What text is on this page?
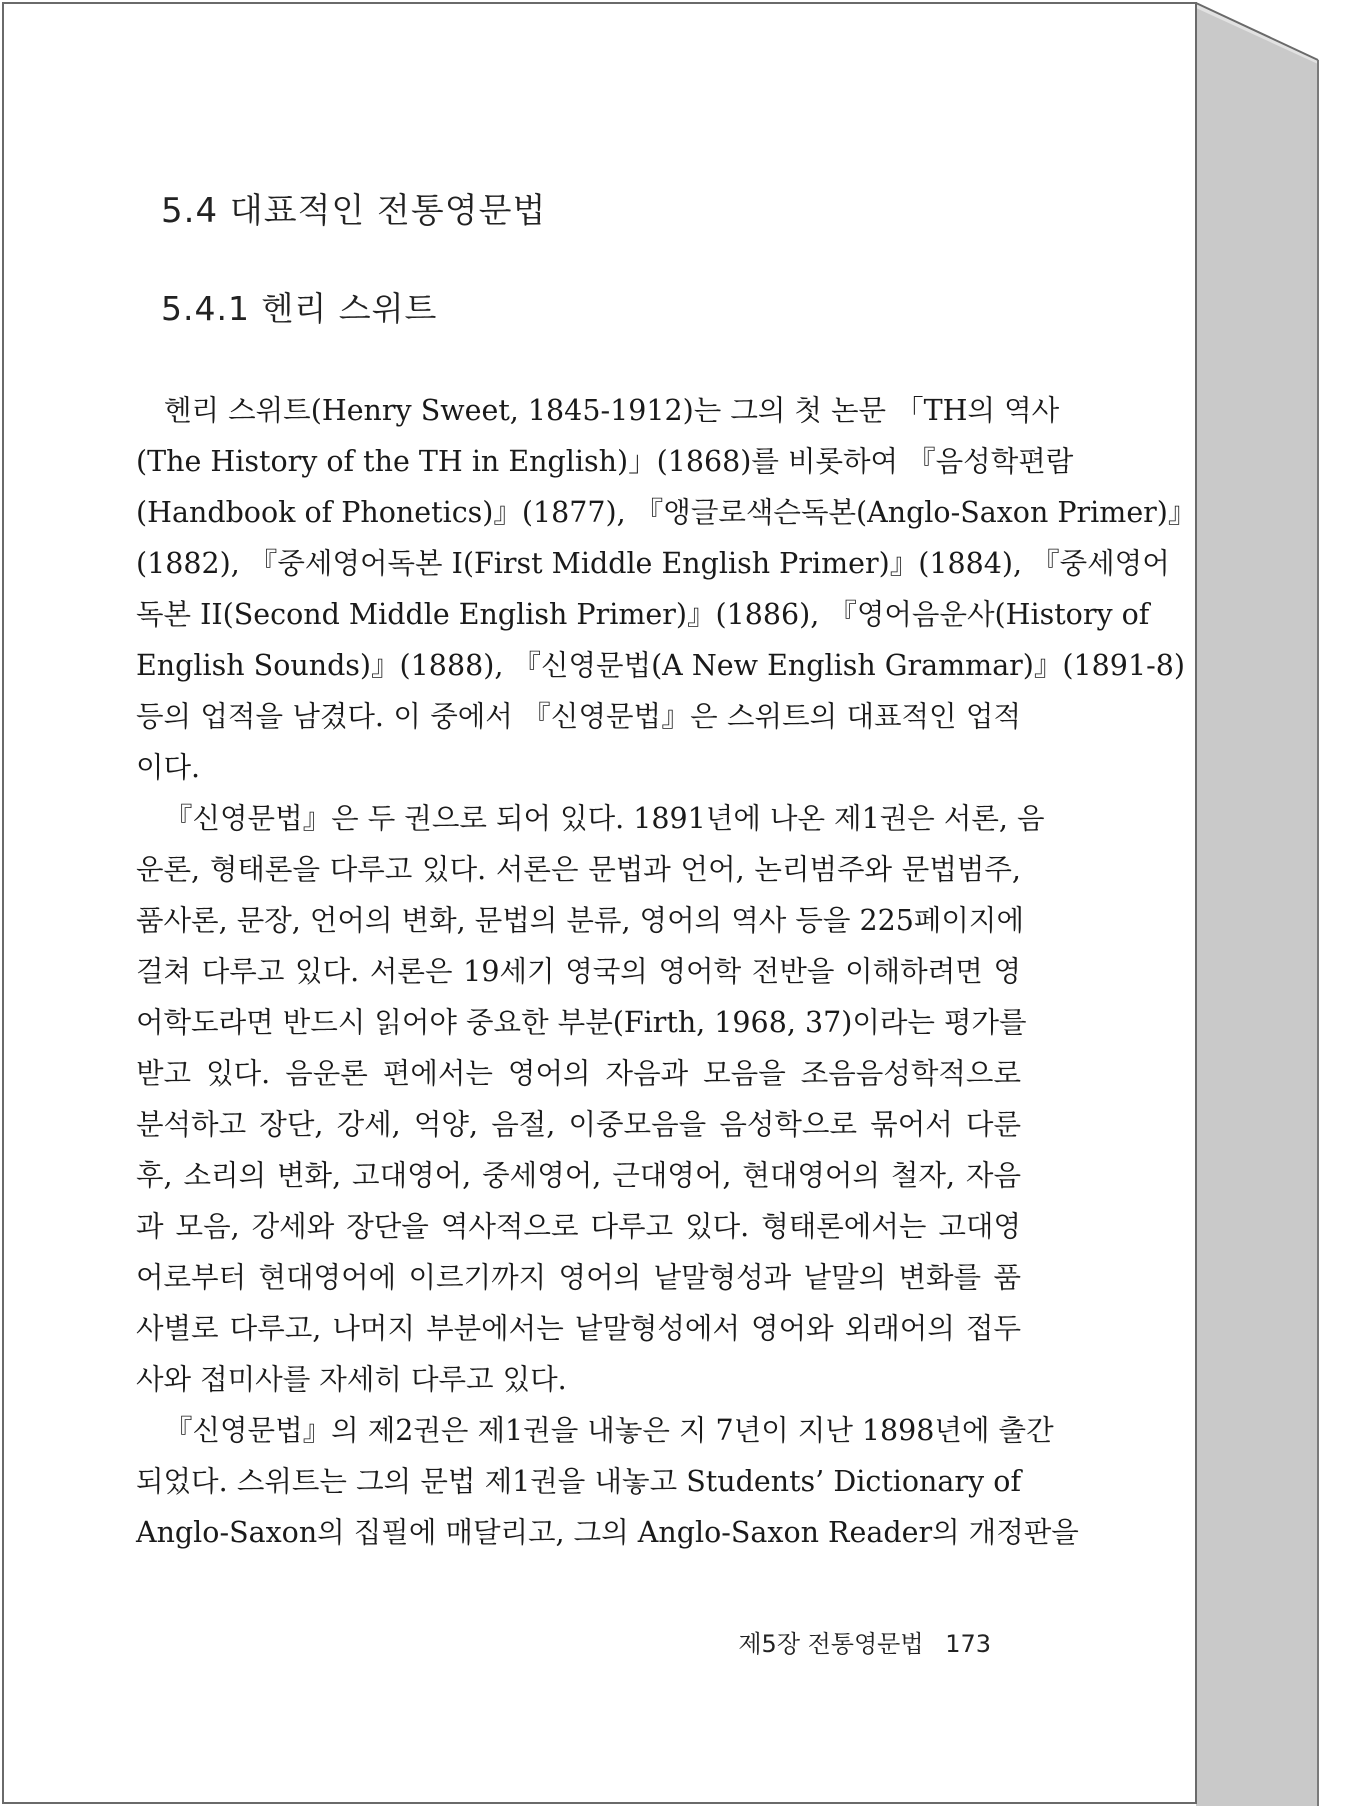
5.4 대표적인 전통영문법
5.4.1 헨리 스위트
헨리 스위트(Henry Sweet, 1845-1912)는 그의 첫 논문 「TH의 역사
(The History of the TH in English)」(1868)를 비롯하여 『음성학편람
(Handbook of Phonetics)』(1877), 『앵글로색슨독본(Anglo-Saxon Primer)』
(1882), 『중세영어독본 I(First Middle English Primer)』(1884), 『중세영어
독본 II(Second Middle English Primer)』(1886), 『영어음운사(History of
English Sounds)』(1888), 『신영문법(A New English Grammar)』(1891-8)
등의 업적을 남겼다. 이 중에서 『신영문법』은 스위트의 대표적인 업적
이다.
『신영문법』은 두 권으로 되어 있다. 1891년에 나온 제1권은 서론, 음
운론, 형태론을 다루고 있다. 서론은 문법과 언어, 논리범주와 문법범주,
품사론, 문장, 언어의 변화, 문법의 분류, 영어의 역사 등을 225페이지에
걸쳐 다루고 있다. 서론은 19세기 영국의 영어학 전반을 이해하려면 영
어학도라면 반드시 읽어야 중요한 부분(Firth, 1968, 37)이라는 평가를
받고 있다. 음운론 편에서는 영어의 자음과 모음을 조음음성학적으로
분석하고 장단, 강세, 억양, 음절, 이중모음을 음성학으로 묶어서 다룬
후, 소리의 변화, 고대영어, 중세영어, 근대영어, 현대영어의 철자, 자음
과 모음, 강세와 장단을 역사적으로 다루고 있다. 형태론에서는 고대영
어로부터 현대영어에 이르기까지 영어의 낱말형성과 낱말의 변화를 품
사별로 다루고, 나머지 부분에서는 낱말형성에서 영어와 외래어의 접두
사와 접미사를 자세히 다루고 있다.
『신영문법』의 제2권은 제1권을 내놓은 지 7년이 지난 1898년에 출간
되었다. 스위트는 그의 문법 제1권을 내놓고 Students’ Dictionary of
Anglo-Saxon의 집필에 매달리고, 그의 Anglo-Saxon Reader의 개정판을
제5장 전통영문법 173
